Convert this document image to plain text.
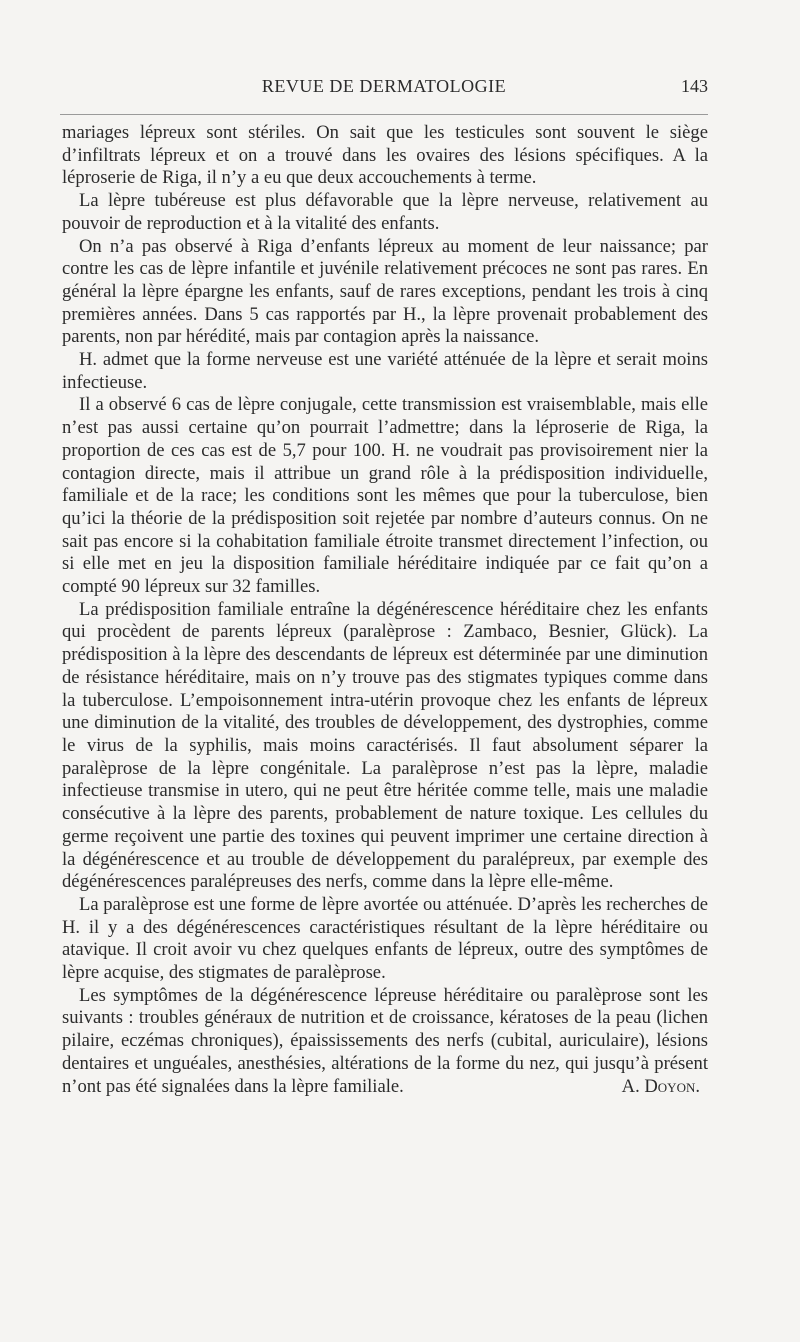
REVUE DE DERMATOLOGIE	143

mariages lépreux sont stériles. On sait que les testicules sont souvent le siège d’infiltrats lépreux et on a trouvé dans les ovaires des lésions spécifiques. A la léproserie de Riga, il n’y a eu que deux accouchements à terme.

La lèpre tubéreuse est plus défavorable que la lèpre nerveuse, relativement au pouvoir de reproduction et à la vitalité des enfants.

On n’a pas observé à Riga d’enfants lépreux au moment de leur naissance; par contre les cas de lèpre infantile et juvénile relativement précoces ne sont pas rares. En général la lèpre épargne les enfants, sauf de rares exceptions, pendant les trois à cinq premières années. Dans 5 cas rapportés par H., la lèpre provenait probablement des parents, non par hérédité, mais par contagion après la naissance.

H. admet que la forme nerveuse est une variété atténuée de la lèpre et serait moins infectieuse.

Il a observé 6 cas de lèpre conjugale, cette transmission est vraisemblable, mais elle n’est pas aussi certaine qu’on pourrait l’admettre; dans la léproserie de Riga, la proportion de ces cas est de 5,7 pour 100. H. ne voudrait pas provisoirement nier la contagion directe, mais il attribue un grand rôle à la prédisposition individuelle, familiale et de la race; les conditions sont les mêmes que pour la tuberculose, bien qu’ici la théorie de la prédisposition soit rejetée par nombre d’auteurs connus. On ne sait pas encore si la cohabitation familiale étroite transmet directement l’infection, ou si elle met en jeu la disposition familiale héréditaire indiquée par ce fait qu’on a compté 90 lépreux sur 32 familles.

La prédisposition familiale entraîne la dégénérescence héréditaire chez les enfants qui procèdent de parents lépreux (paralèprose : Zambaco, Besnier, Glück). La prédisposition à la lèpre des descendants de lépreux est déterminée par une diminution de résistance héréditaire, mais on n’y trouve pas des stigmates typiques comme dans la tuberculose. L’empoisonnement intra-utérin provoque chez les enfants de lépreux une diminution de la vitalité, des troubles de développement, des dystrophies, comme le virus de la syphilis, mais moins caractérisés. Il faut absolument séparer la paralèprose de la lèpre congénitale. La paralèprose n’est pas la lèpre, maladie infectieuse transmise in utero, qui ne peut être héritée comme telle, mais une maladie consécutive à la lèpre des parents, probablement de nature toxique. Les cellules du germe reçoivent une partie des toxines qui peuvent imprimer une certaine direction à la dégénérescence et au trouble de développement du paralépreux, par exemple des dégénérescences paralépreuses des nerfs, comme dans la lèpre elle-même.

La paralèprose est une forme de lèpre avortée ou atténuée. D’après les recherches de H. il y a des dégénérescences caractéristiques résultant de la lèpre héréditaire ou atavique. Il croit avoir vu chez quelques enfants de lépreux, outre des symptômes de lèpre acquise, des stigmates de paralèprose.

Les symptômes de la dégénérescence lépreuse héréditaire ou paralèprose sont les suivants : troubles généraux de nutrition et de croissance, kératoses de la peau (lichen pilaire, eczémas chroniques), épaississements des nerfs (cubital, auriculaire), lésions dentaires et unguéales, anesthésies, altérations de la forme du nez, qui jusqu’à présent n’ont pas été signalées dans la lèpre familiale.	A. Doyon.
